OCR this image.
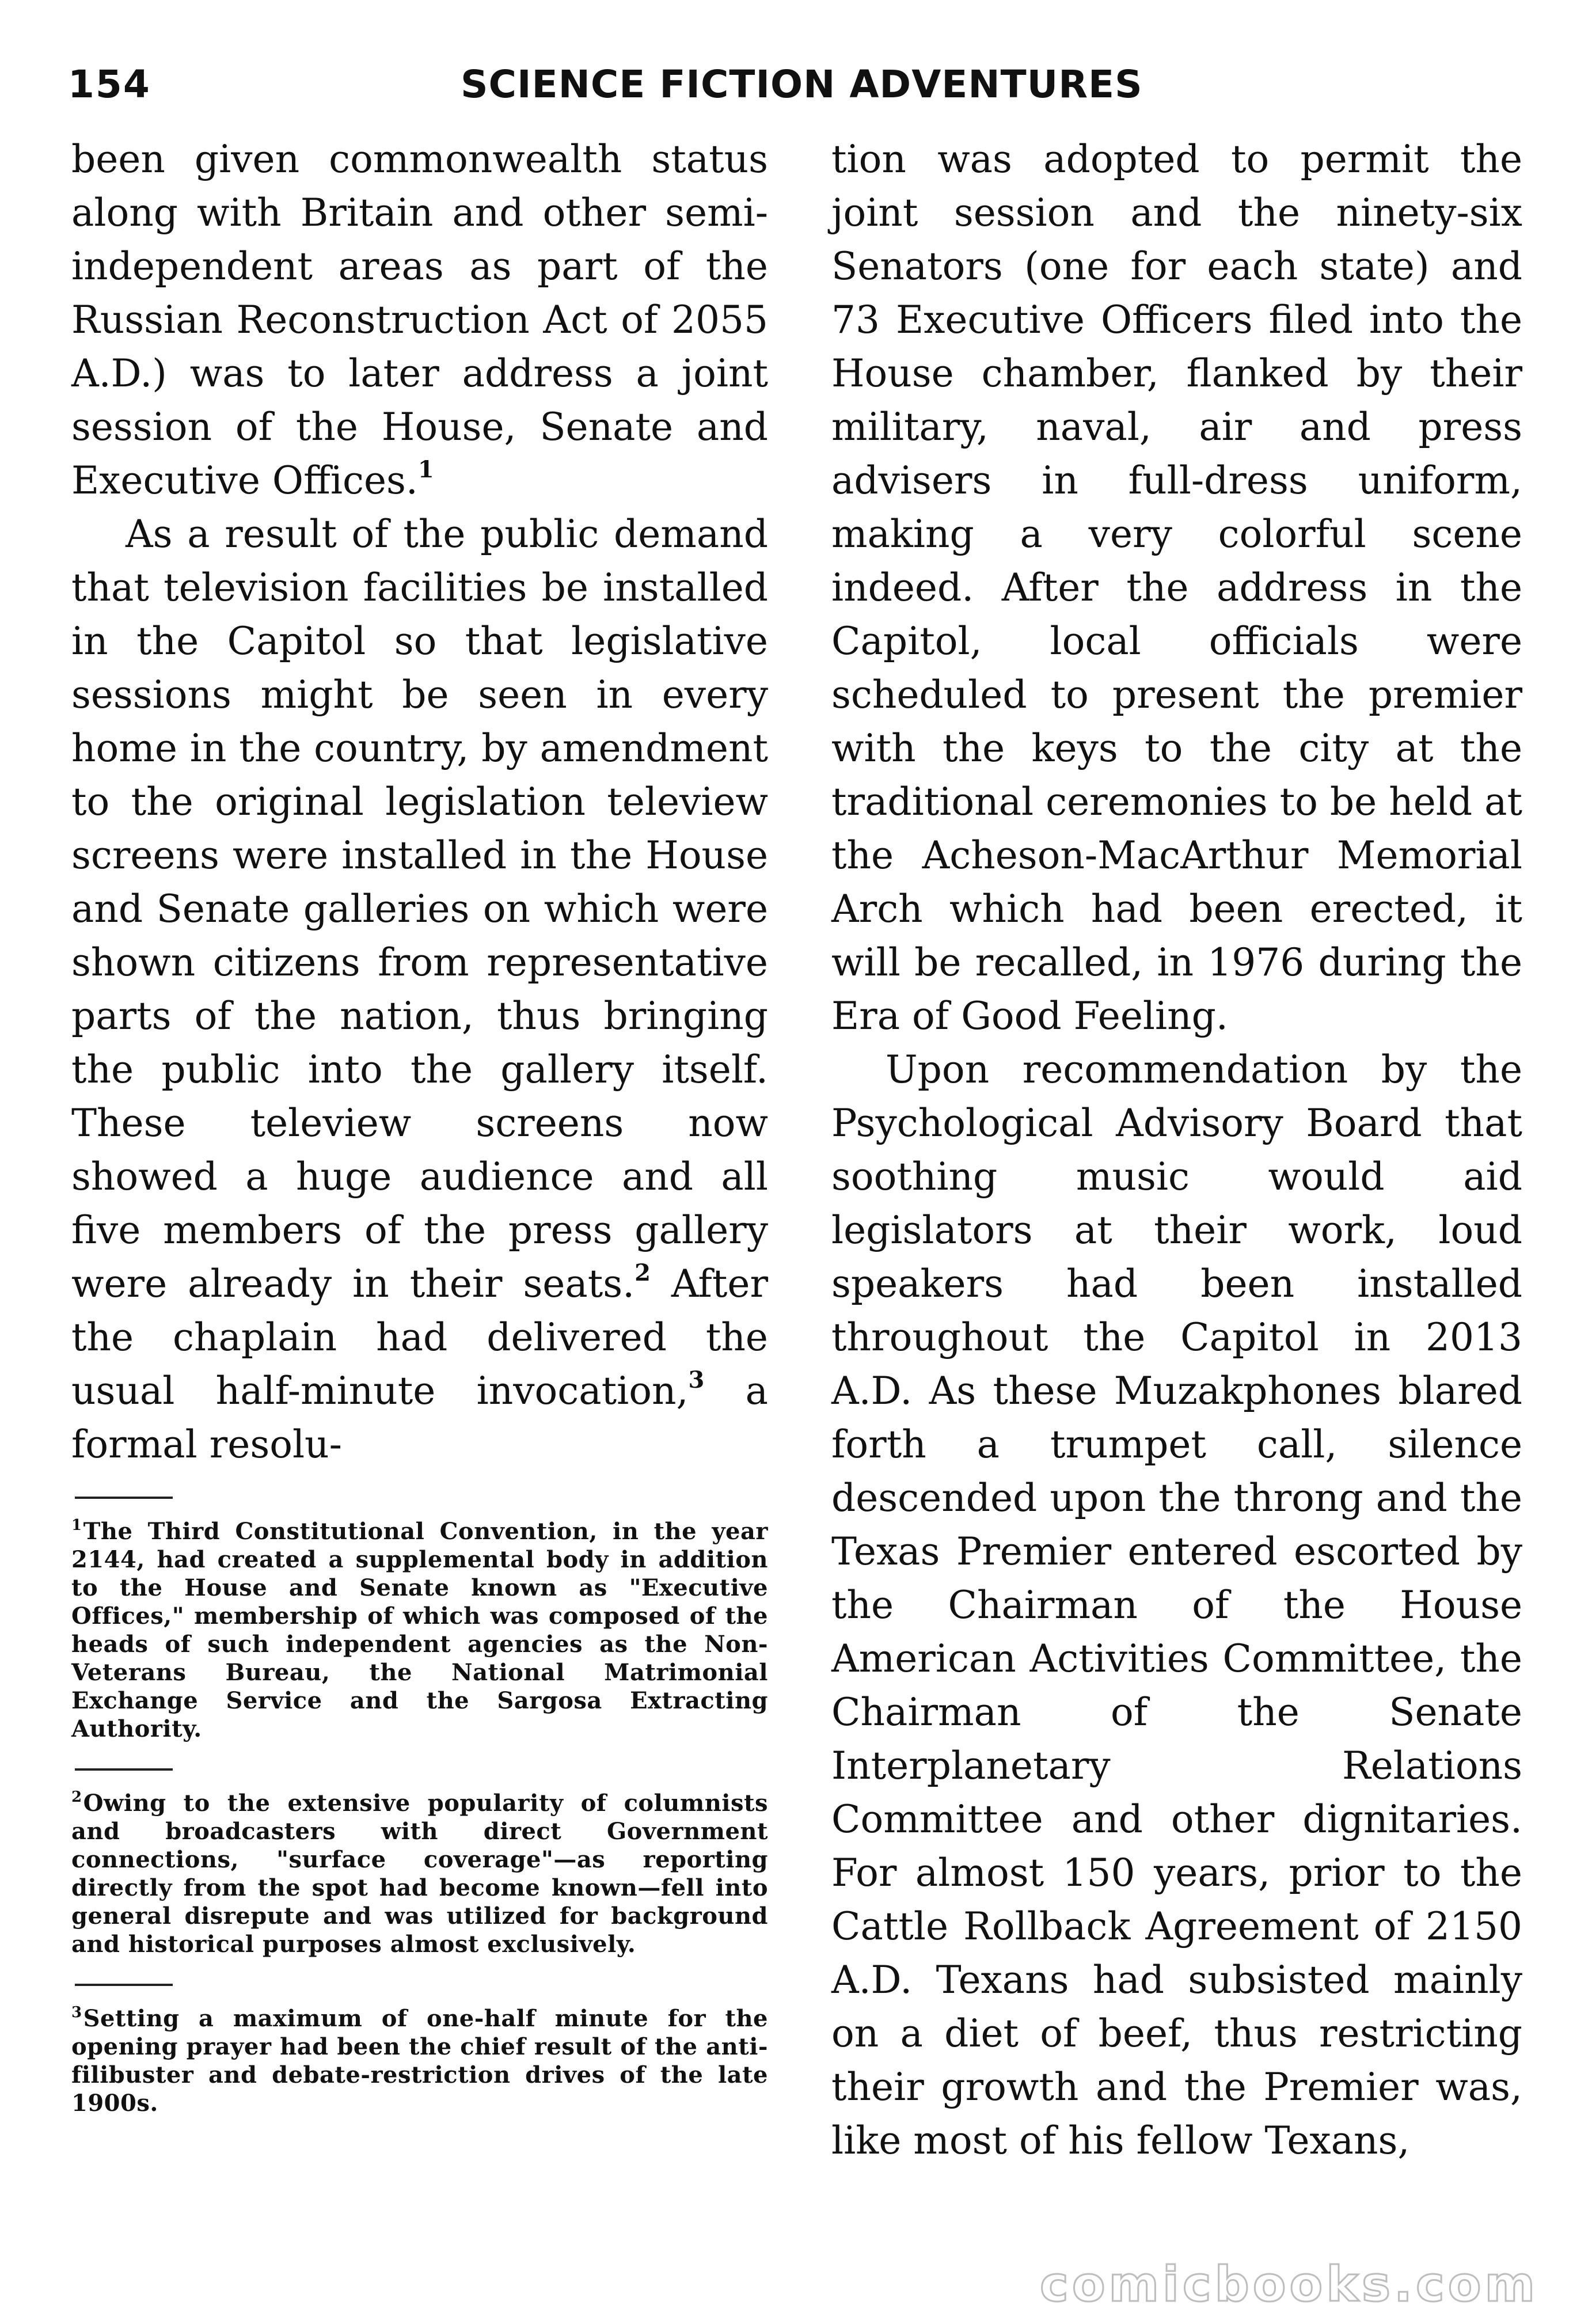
154	SCIENCE FICTION ADVENTURES

been given commonwealth status along with Britain and other semi-independent areas as part of the Russian Reconstruction Act of 2055 A.D.) was to later address a joint session of the House, Senate and Executive Offices.$^1$

As a result of the public demand that television facilities be installed in the Capitol so that legislative sessions might be seen in every home in the country, by amendment to the original legislation teleview screens were installed in the House and Senate galleries on which were shown citizens from representative parts of the nation, thus bringing the public into the gallery itself. These teleview screens now showed a huge audience and all five members of the press gallery were already in their seats.$^2$ After the chaplain had delivered the usual half-minute invocation,$^3$ a formal resolu-

$^1$The Third Constitutional Convention, in the year 2144, had created a supplemental body in addition to the House and Senate known as "Executive Offices," membership of which was composed of the heads of such independent agencies as the Non-Veterans Bureau, the National Matrimonial Exchange Service and the Sargosa Extracting Authority.

$^2$Owing to the extensive popularity of columnists and broadcasters with direct Government connections, "surface coverage"—as reporting directly from the spot had become known—fell into general disrepute and was utilized for background and historical purposes almost exclusively.

$^3$Setting a maximum of one-half minute for the opening prayer had been the chief result of the anti-filibuster and debate-restriction drives of the late 1900s.

tion was adopted to permit the joint session and the ninety-six Senators (one for each state) and 73 Executive Officers filed into the House chamber, flanked by their military, naval, air and press advisers in full-dress uniform, making a very colorful scene indeed. After the address in the Capitol, local officials were scheduled to present the premier with the keys to the city at the traditional ceremonies to be held at the Acheson-MacArthur Memorial Arch which had been erected, it will be recalled, in 1976 during the Era of Good Feeling.

Upon recommendation by the Psychological Advisory Board that soothing music would aid legislators at their work, loud speakers had been installed throughout the Capitol in 2013 A.D. As these Muzakphones blared forth a trumpet call, silence descended upon the throng and the Texas Premier entered escorted by the Chairman of the House American Activities Committee, the Chairman of the Senate Interplanetary Relations Committee and other dignitaries. For almost 150 years, prior to the Cattle Rollback Agreement of 2150 A.D. Texans had subsisted mainly on a diet of beef, thus restricting their growth and the Premier was, like most of his fellow Texans,

comicbooks.com
